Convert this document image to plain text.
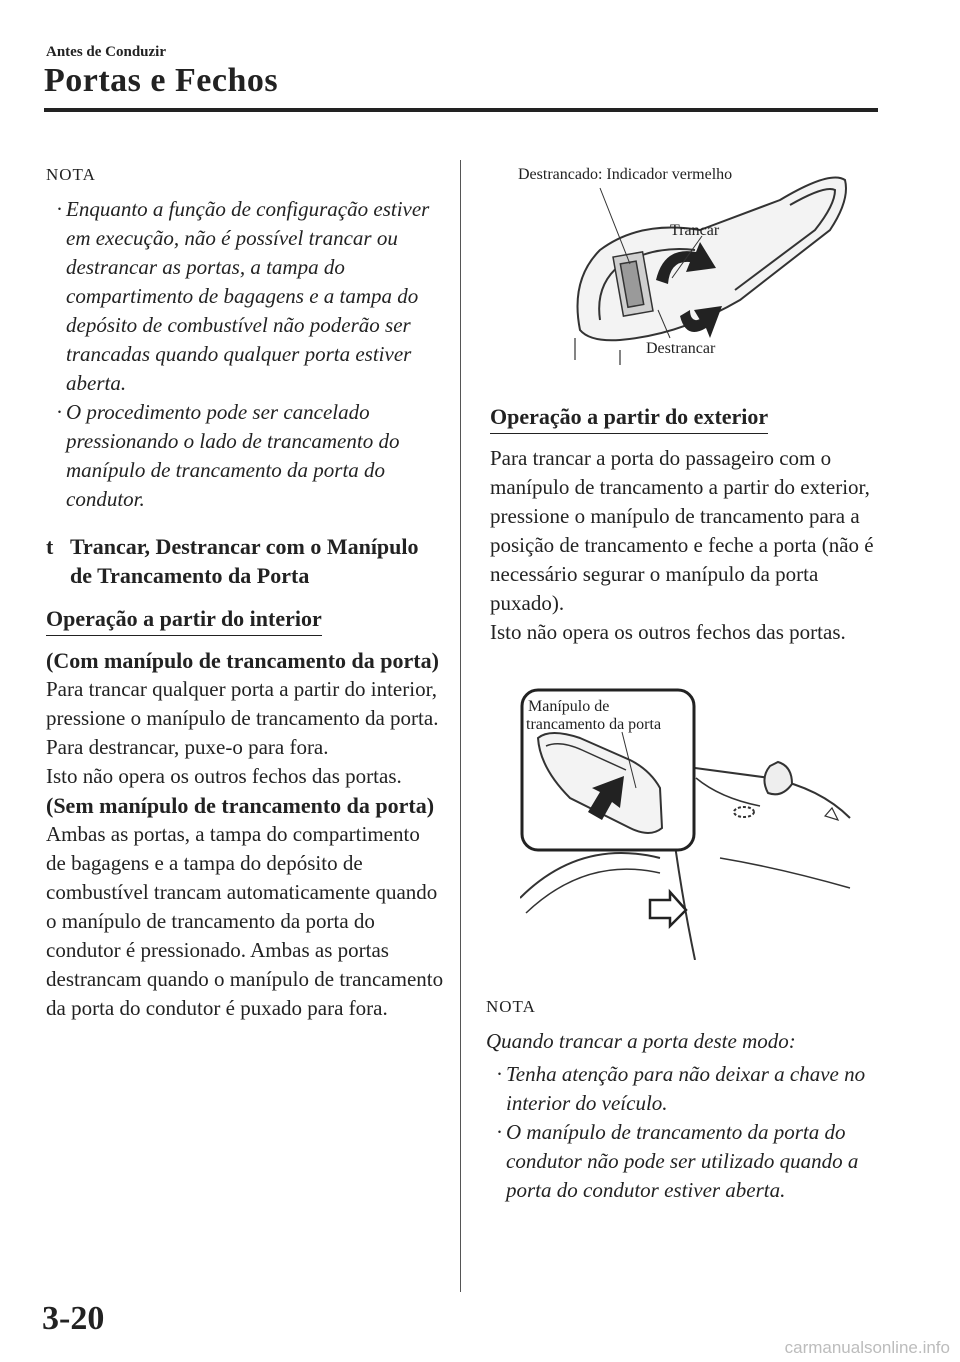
Antes de Conduzir
Portas e Fechos
NOTA

· Enquanto a função de configuração estiver em execução, não é possível trancar ou destrancar as portas, a tampa do compartimento de bagagens e a tampa do depósito de combustível não poderão ser trancadas quando qualquer porta estiver aberta.

· O procedimento pode ser cancelado pressionando o lado de trancamento do manípulo de trancamento da porta do condutor.

t Trancar, Destrancar com o Manípulo de Trancamento da Porta
Operação a partir do interior

(Com manípulo de trancamento da porta)

Para trancar qualquer porta a partir do interior, pressione o manípulo de trancamento da porta.

Para destrancar, puxe-o para fora.

Isto não opera os outros fechos das portas.

(Sem manípulo de trancamento da porta)

Ambas as portas, a tampa do compartimento de bagagens e a tampa do depósito de combustível trancam automaticamente quando o manípulo de trancamento da porta do condutor é pressionado. Ambas as portas destrancam quando o manípulo de trancamento da porta do condutor é puxado para fora.

Destrancado: Indicador vermelho
Trancar
Destrancar
Operação a partir do exterior

Para trancar a porta do passageiro com o manípulo de trancamento a partir do exterior, pressione o manípulo de trancamento para a posição de trancamento e feche a porta (não é necessário segurar o manípulo da porta puxado).

Isto não opera os outros fechos das portas.

Manípulo de
trancamento da porta
NOTA

Quando trancar a porta deste modo:

· Tenha atenção para não deixar a chave no interior do veículo.

· O manípulo de trancamento da porta do condutor não pode ser utilizado quando a porta do condutor estiver aberta.

3-20
carmanualsonline.info
